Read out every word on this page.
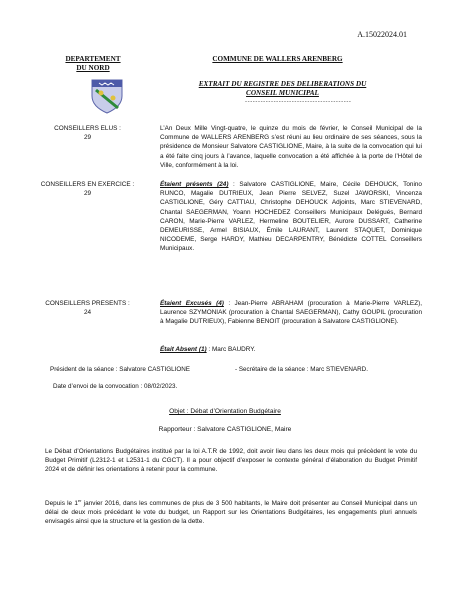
A.15022024.01
DEPARTEMENT
DU NORD
COMMUNE DE WALLERS ARENBERG
EXTRAIT DU REGISTRE DES DELIBERATIONS DU
CONSEIL MUNICIPAL
-----------------------------------------
CONSEILLERS ELUS :
29
L’An Deux Mille Vingt-quatre, le quinze du mois de février, le Conseil Municipal de la Commune de WALLERS ARENBERG s’est réuni au lieu ordinaire de ses séances, sous la présidence de Monsieur Salvatore CASTIGLIONE, Maire, à la suite de la convocation qui lui a été faite cinq jours à l’avance, laquelle convocation a été affichée à la porte de l’Hôtel de Ville, conformément à la loi.
CONSEILLERS EN EXERCICE :
29
Étaient présents (24) : Salvatore CASTIGLIONE, Maire, Cécile DEHOUCK, Tonino RUNCO, Magalie DUTRIEUX, Jean Pierre SELVEZ, Suzel JAWORSKI, Vincenza CASTIGLIONE, Géry CATTIAU, Christophe DEHOUCK Adjoints, Marc STIEVENARD, Chantal SAEGERMAN, Yoann HOCHEDEZ Conseillers Municipaux Delégués, Bernard CARON, Marie-Pierre VARLEZ, Hermeline BOUTELIER, Aurore DUSSART, Catherine DEMEURISSE, Armel BISIAUX, Émile LAURANT, Laurent STAQUET, Dominique NICODEME, Serge HARDY, Mathieu DECARPENTRY, Bénédicte COTTEL Conseillers Municipaux.
CONSEILLERS PRESENTS :
24
Étaient Excusés (4) : Jean-Pierre ABRAHAM (procuration à Marie-Pierre VARLEZ), Laurence SZYMONIAK (procuration à Chantal SAEGERMAN), Cathy GOUPIL (procuration à Magalie DUTRIEUX), Fabienne BENOIT (procuration à Salvatore CASTIGLIONE).
Était Absent (1) : Marc BAUDRY.
Président de la séance : Salvatore CASTIGLIONE	- Secrétaire de la séance : Marc STIEVENARD.
Date d’envoi de la convocation : 08/02/2023.
Objet : Débat d’Orientation Budgétaire
Rapporteur : Salvatore CASTIGLIONE, Maire
Le Débat d’Orientations Budgétaires institué par la loi A.T.R de 1992, doit avoir lieu dans les deux mois qui précèdent le vote du Budget Primitif (L2312-1 et L2531-1 du CGCT). Il a pour objectif d’exposer le contexte général d’élaboration du Budget Primitif 2024 et de définir les orientations à retenir pour la commune.
Depuis le 1er janvier 2016, dans les communes de plus de 3 500 habitants, le Maire doit présenter au Conseil Municipal dans un délai de deux mois précédant le vote du budget, un Rapport sur les Orientations Budgétaires, les engagements pluri annuels envisagés ainsi que la structure et la gestion de la dette.
